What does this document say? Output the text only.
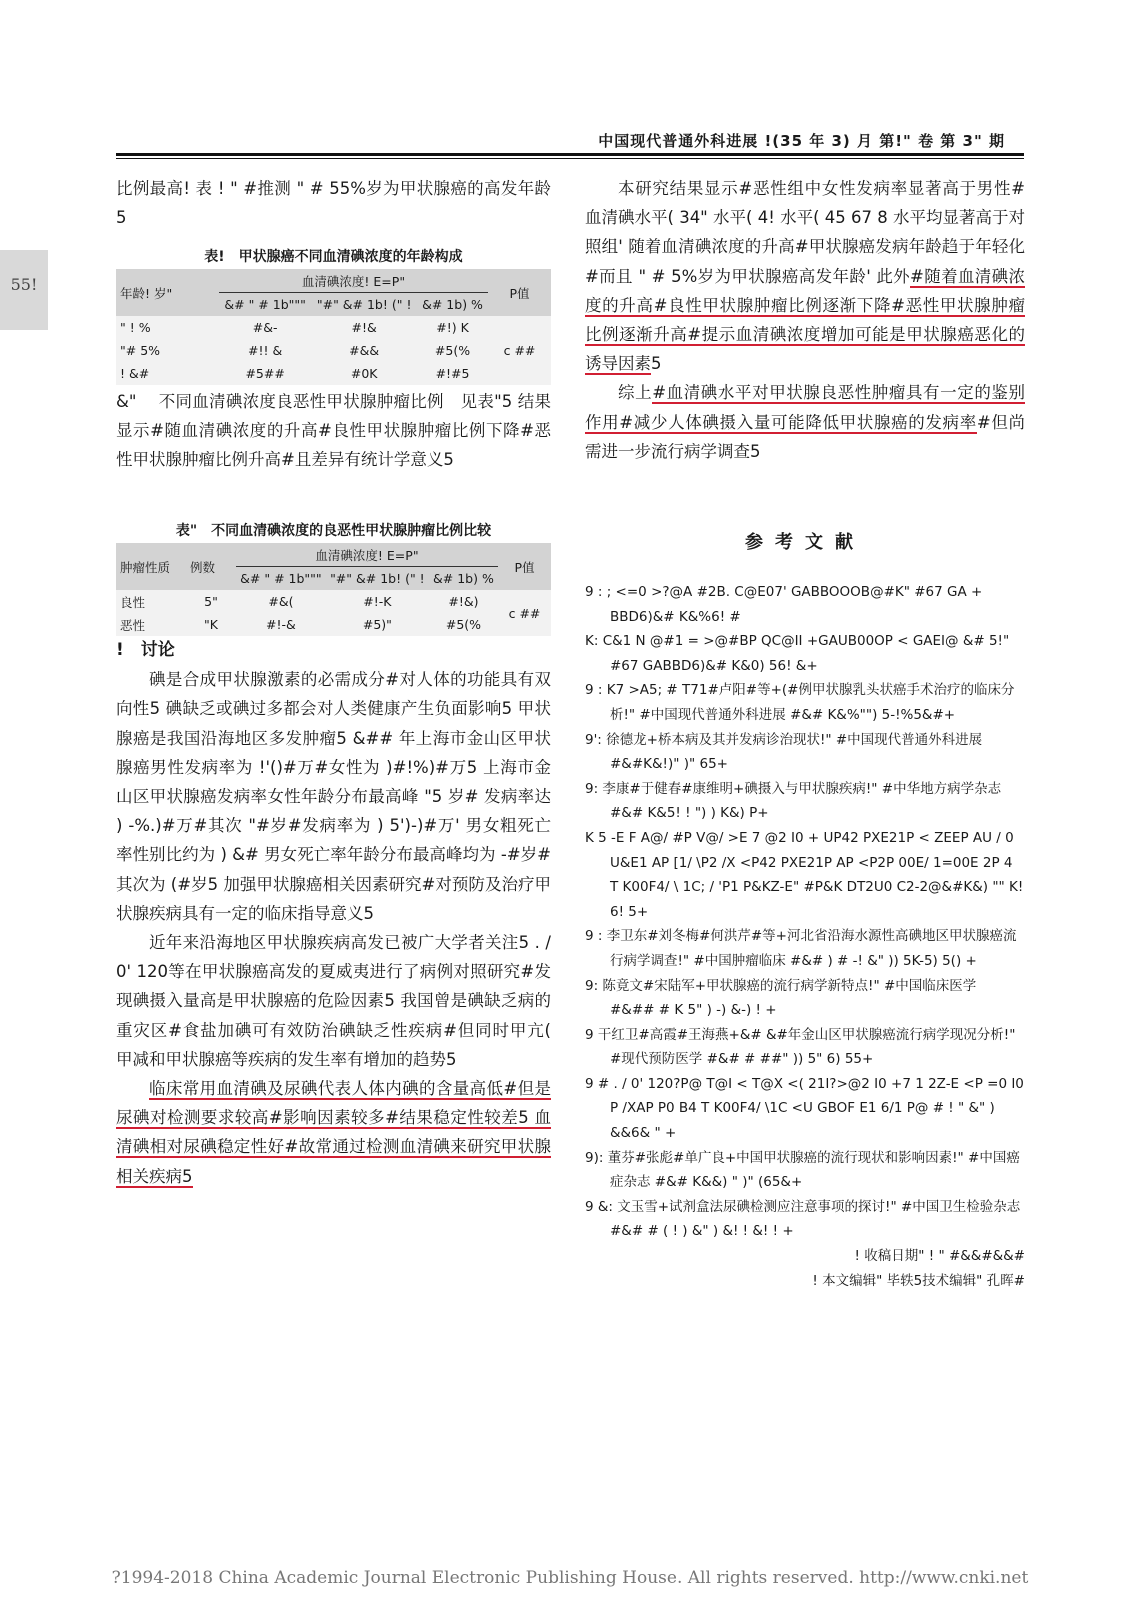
中国现代普通外科进展 !(35 年 3) 月 第!" 卷 第 3" 期
55!

比例最高! 表 ! " #推测 " # 55%岁为甲状腺癌的高发年龄5

表!　甲状腺癌不同血清碘浓度的年龄构成
年龄! 岁"	血清碘浓度! E=P"			P值
	&# " # 1b"""	"#" &# 1b! (" !	&# 1b) %	
" ! %	#&-	#!&	#!) K	c ##
"# 5%	#!! &	#&&	#5(%	
! &#	#5##	#0K	#!#5	

&" 　不同血清碘浓度良恶性甲状腺肿瘤比例　见表"5 结果显示#随血清碘浓度的升高#良性甲状腺肿瘤比例下降#恶性甲状腺肿瘤比例升高#且差异有统计学意义5

表"　不同血清碘浓度的良恶性甲状腺肿瘤比例比较
肿瘤性质	例数	血清碘浓度! E=P"			P值
		&# " # 1b"""	"#" &# 1b! (" !	&# 1b) %	
良性	5"	#&(	#!-K	#!&)	c ##
恶性	"K	#!-&	#5)"	#5(%	

!　讨论

碘是合成甲状腺激素的必需成分#对人体的功能具有双向性5 碘缺乏或碘过多都会对人类健康产生负面影响5 甲状腺癌是我国沿海地区多发肿瘤5 &## 年上海市金山区甲状腺癌男性发病率为 !'()#万#女性为 )#!%)#万5 上海市金山区甲状腺癌发病率女性年龄分布最高峰 "5 岁# 发病率达 ) -%.)#万#其次 "#岁#发病率为 ) 5')-)#万' 男女粗死亡率性别比约为 ) &# 男女死亡率年龄分布最高峰均为 -#岁#其次为 (#岁5 加强甲状腺癌相关因素研究#对预防及治疗甲状腺疾病具有一定的临床指导意义5

近年来沿海地区甲状腺疾病高发已被广大学者关注5 . / 0' 120等在甲状腺癌高发的夏威夷进行了病例对照研究#发现碘摄入量高是甲状腺癌的危险因素5 我国曾是碘缺乏病的重灾区#食盐加碘可有效防治碘缺乏性疾病#但同时甲亢( 甲减和甲状腺癌等疾病的发生率有增加的趋势5

临床常用血清碘及尿碘代表人体内碘的含量高低#但是尿碘对检测要求较高#影响因素较多#结果稳定性较差5 血清碘相对尿碘稳定性好#故常通过检测血清碘来研究甲状腺相关疾病5

本研究结果显示#恶性组中女性发病率显著高于男性#血清碘水平( 34" 水平( 4! 水平( 45 67 8 水平均显著高于对照组' 随着血清碘浓度的升高#甲状腺癌发病年龄趋于年轻化#而且 " # 5%岁为甲状腺癌高发年龄' 此外#随着血清碘浓度的升高#良性甲状腺肿瘤比例逐渐下降#恶性甲状腺肿瘤比例逐渐升高#提示血清碘浓度增加可能是甲状腺癌恶化的诱导因素5

综上#血清碘水平对甲状腺良恶性肿瘤具有一定的鉴别作用#减少人体碘摄入量可能降低甲状腺癌的发病率#但尚需进一步流行病学调查5

参考文献

9 : ; <=0 >?@A #2B. C@E07' GABBOOOB@#K" #67 GA + BBD6)&# K&%6! #

K: C&1 N @#1 = >@#BP QC@II +GAUB00OP < GAEI@ &# 5!" #67 GABBD6)&# K&0) 56! &+

9 : K7 >A5; # T71#卢阳#等+(#例甲状腺乳头状癌手术治疗的临床分析!" #中国现代普通外科进展 #&# K&%"") 5-!%5&#+

9': 徐德龙+桥本病及其并发病诊治现状!" #中国现代普通外科进展 #&#K&!)" )" 65+

9: 李康#于健春#康维明+碘摄入与甲状腺疾病!" #中华地方病学杂志 #&# K&5! ! ") ) K&) P+

K 5 -E F A@/ #P V@/ >E 7 @2 I0 + UP42 PXE21P < ZEEP AU / 0 U&E1 AP [1/ \P2 /X <P42 PXE21P AP <P2P 00E/ 1=00E 2P 4 T K00F4/ \ 1C; / 'P1 P&KZ-E" #P&K DT2U0 C2-2@&#K&) "" K! 6! 5+

9 : 李卫东#刘冬梅#何洪芹#等+河北省沿海水源性高碘地区甲状腺癌流行病学调查!" #中国肿瘤临床 #&# ) # -! &" )) 5K-5) 5() +

9: 陈竟文#宋陆军+甲状腺癌的流行病学新特点!" #中国临床医学 #&## # K 5" ) -) &-) ! +

9 干红卫#高霞#王海燕+&# &#年金山区甲状腺癌流行病学现况分析!" #现代预防医学 #&# # ##" )) 5" 6) 55+

9 # . / 0' 120?P@ T@I < T@X <( 21I?>@2 I0 +7 1 2Z-E <P =0 I0 P /XAP P0 B4 T K00F4/ \1C <U GBOF E1 6/1 P@ # ! " &" ) &&6& " +

9): 董芬#张彪#单广良+中国甲状腺癌的流行现状和影响因素!" #中国癌症杂志 #&# K&&) " )" (65&+

9 &: 文玉雪+试剂盒法尿碘检测应注意事项的探讨!" #中国卫生检验杂志 #&# # ( ! ) &" ) &! ! &! ! +

! 收稿日期" ! " #&&#&&#
! 本文编辑" 毕轶5技术编辑" 孔晖#
?1994-2018 China Academic Journal Electronic Publishing House. All rights reserved. http://www.cnki.net
